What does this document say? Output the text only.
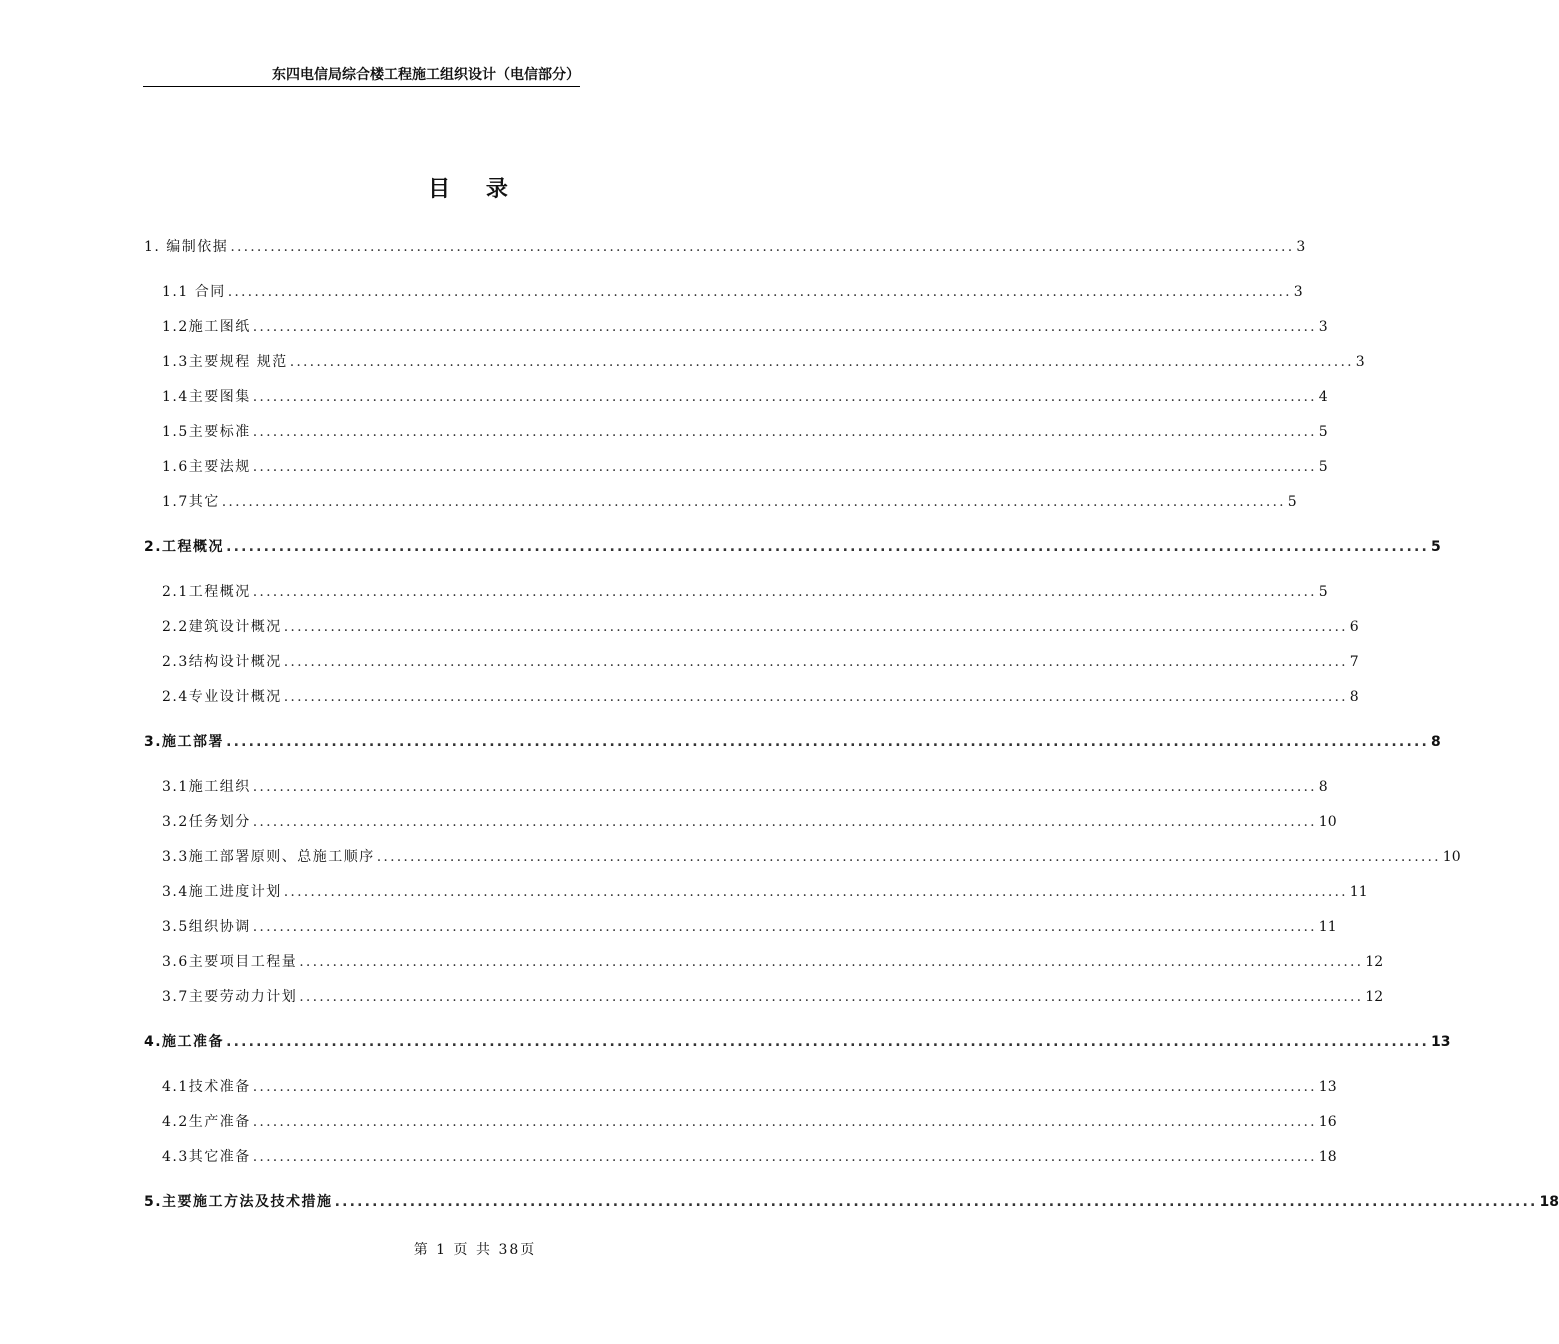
东四电信局综合楼工程施工组织设计（电信部分）
目 录
1. 编制依据 ................................................................................................................................................................ 3
1.1 合同 ................................................................................................................................................................ 3
1.2施工图纸 ................................................................................................................................................................ 3
1.3主要规程 规范 ................................................................................................................................................................ 3
1.4主要图集 ................................................................................................................................................................ 4
1.5主要标准 ................................................................................................................................................................ 5
1.6主要法规 ................................................................................................................................................................ 5
1.7其它 ................................................................................................................................................................ 5
2.工程概况 ................................................................................................................................................................ 5
2.1工程概况 ................................................................................................................................................................ 5
2.2建筑设计概况 ................................................................................................................................................................ 6
2.3结构设计概况 ................................................................................................................................................................ 7
2.4专业设计概况 ................................................................................................................................................................ 8
3.施工部署 ................................................................................................................................................................ 8
3.1施工组织 ................................................................................................................................................................ 8
3.2任务划分 ................................................................................................................................................................ 10
3.3施工部署原则、总施工顺序 ................................................................................................................................................................ 10
3.4施工进度计划 ................................................................................................................................................................ 11
3.5组织协调 ................................................................................................................................................................ 11
3.6主要项目工程量 ................................................................................................................................................................ 12
3.7主要劳动力计划 ................................................................................................................................................................ 12
4.施工准备 ................................................................................................................................................................ 13
4.1技术准备 ................................................................................................................................................................ 13
4.2生产准备 ................................................................................................................................................................ 16
4.3其它准备 ................................................................................................................................................................ 18
5.主要施工方法及技术措施 ................................................................................................................................................................ 18
第 1 页 共 38页
